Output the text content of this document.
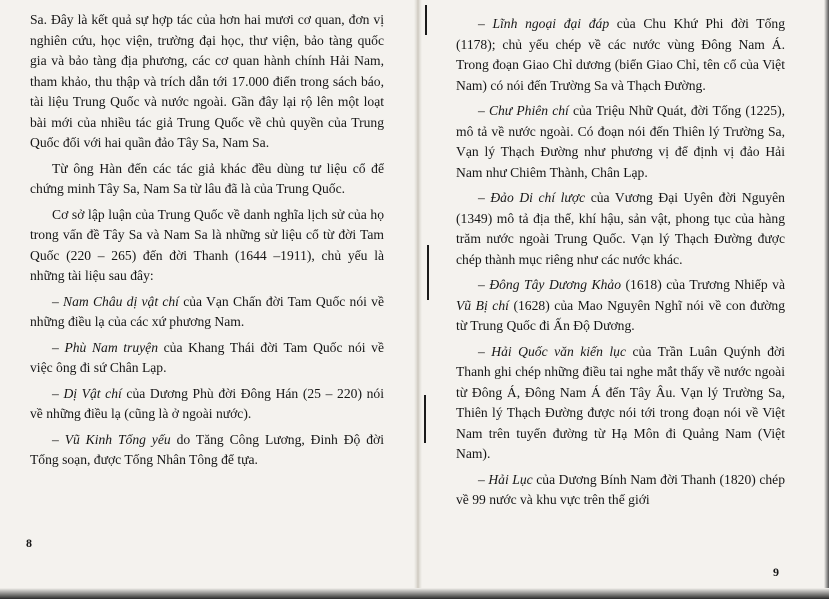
Sa. Đây là kết quả sự hợp tác của hơn hai mươi cơ quan, đơn vị nghiên cứu, học viện, trường đại học, thư viện, bảo tàng quốc gia và bảo tàng địa phương, các cơ quan hành chính Hải Nam, tham khảo, thu thập và trích dẫn tới 17.000 điển trong sách báo, tài liệu Trung Quốc và nước ngoài. Gần đây lại rộ lên một loạt bài mới của nhiều tác giả Trung Quốc về chủ quyền của Trung Quốc đối với hai quần đảo Tây Sa, Nam Sa.

Từ ông Hàn đến các tác giả khác đều dùng tư liệu cổ để chứng minh Tây Sa, Nam Sa từ lâu đã là của Trung Quốc.

Cơ sở lập luận của Trung Quốc về danh nghĩa lịch sử của họ trong vấn đề Tây Sa và Nam Sa là những sử liệu cổ từ đời Tam Quốc (220 – 265) đến đời Thanh (1644 –1911), chủ yếu là những tài liệu sau đây:

– Nam Châu dị vật chí của Vạn Chấn đời Tam Quốc nói về những điều lạ của các xứ phương Nam.

– Phù Nam truyện của Khang Thái đời Tam Quốc nói về việc ông đi sứ Chân Lạp.

– Dị Vật chí của Dương Phù đời Đông Hán (25 – 220) nói về những điều lạ (cũng là ở ngoài nước).

– Vũ Kinh Tổng yếu do Tăng Công Lương, Đinh Độ đời Tống soạn, được Tống Nhân Tông để tựa.

8

– Lĩnh ngoại đại đáp của Chu Khứ Phi đời Tống (1178); chủ yếu chép về các nước vùng Đông Nam Á. Trong đoạn Giao Chỉ dương (biển Giao Chỉ, tên cổ của Việt Nam) có nói đến Trường Sa và Thạch Đường.

– Chư Phiên chí của Triệu Nhữ Quát, đời Tống (1225), mô tả về nước ngoài. Có đoạn nói đến Thiên lý Trường Sa, Vạn lý Thạch Đường như phương vị để định vị đảo Hải Nam như Chiêm Thành, Chân Lạp.

– Đảo Di chí lược của Vương Đại Uyên đời Nguyên (1349) mô tả địa thế, khí hậu, sản vật, phong tục của hàng trăm nước ngoài Trung Quốc. Vạn lý Thạch Đường được chép thành mục riêng như các nước khác.

– Đông Tây Dương Khảo (1618) của Trương Nhiếp và Vũ Bị chí (1628) của Mao Nguyên Nghĩ nói về con đường từ Trung Quốc đi Ấn Độ Dương.

– Hải Quốc văn kiến lục của Trần Luân Quýnh đời Thanh ghi chép những điều tai nghe mắt thấy về nước ngoài từ Đông Á, Đông Nam Á đến Tây Âu. Vạn lý Trường Sa, Thiên lý Thạch Đường được nói tới trong đoạn nói về Việt Nam trên tuyến đường từ Hạ Môn đi Quảng Nam (Việt Nam).

– Hải Lục của Dương Bính Nam đời Thanh (1820) chép về 99 nước và khu vực trên thế giới

9
